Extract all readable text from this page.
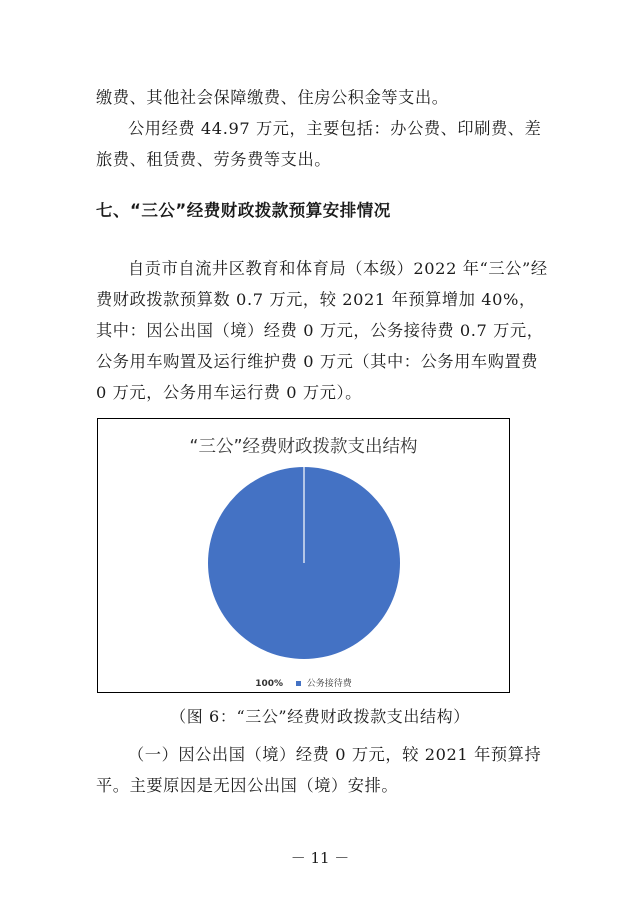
缴费、其他社会保障缴费、住房公积金等支出。

公用经费 44.97 万元，主要包括：办公费、印刷费、差旅费、租赁费、劳务费等支出。

七、“三公”经费财政拨款预算安排情况

自贡市自流井区教育和体育局（本级）2022 年“三公”经费财政拨款预算数 0.7 万元，较 2021 年预算增加 40%，其中：因公出国（境）经费 0 万元，公务接待费 0.7 万元，公务用车购置及运行维护费 0 万元（其中：公务用车购置费 0 万元，公务用车运行费 0 万元）。

“三公”经费财政拨款支出结构
100%	公务接待费

（图 6：“三公”经费财政拨款支出结构）

（一）因公出国（境）经费 0 万元，较 2021 年预算持平。主要原因是无因公出国（境）安排。

－ 11 －
